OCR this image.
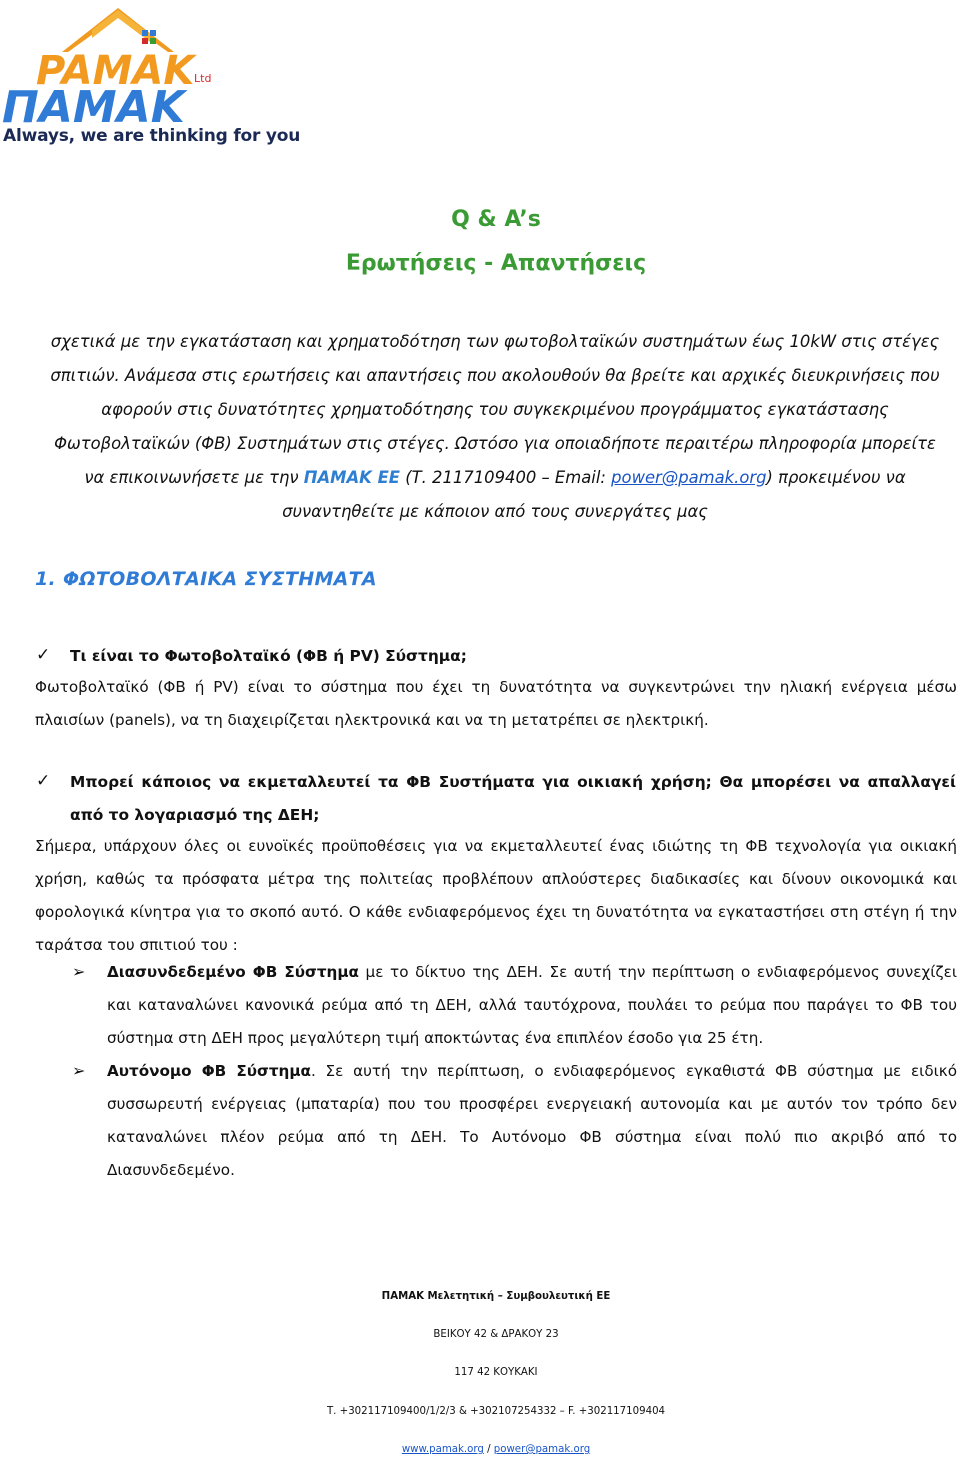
PAMAK Ltd
ΠΑΜΑΚ
Always, we are thinking for you
Q & A’s
Ερωτήσεις - Απαντήσεις

σχετικά με την εγκατάσταση και χρηματοδότηση των φωτοβολταϊκών συστημάτων έως 10kW στις στέγες

σπιτιών. Ανάμεσα στις ερωτήσεις και απαντήσεις που ακολουθούν θα βρείτε και αρχικές διευκρινήσεις που

αφορούν στις δυνατότητες χρηματοδότησης του συγκεκριμένου προγράμματος εγκατάστασης

Φωτοβολταϊκών (ΦΒ) Συστημάτων στις στέγες. Ωστόσο για οποιαδήποτε περαιτέρω πληροφορία μπορείτε

να επικοινωνήσετε με την ΠΑΜΑΚ ΕΕ (Τ. 2117109400 – Email: power@pamak.org) προκειμένου να

συναντηθείτε με κάποιον από τους συνεργάτες μας

1. ΦΩΤΟΒΟΛΤΑΙΚΑ ΣΥΣΤΗΜΑΤΑ
✓ Τι είναι το Φωτοβολταϊκό (ΦΒ ή PV) Σύστημα;
Φωτοβολταϊκό (ΦΒ ή PV) είναι το σύστημα που έχει τη δυνατότητα να συγκεντρώνει την ηλιακή ενέργεια μέσω
πλαισίων (panels), να τη διαχειρίζεται ηλεκτρονικά και να τη μετατρέπει σε ηλεκτρική.
✓ Μπορεί κάποιος να εκμεταλλευτεί τα ΦΒ Συστήματα για οικιακή χρήση; Θα μπορέσει να απαλλαγεί
από το λογαριασμό της ΔΕΗ;
Σήμερα, υπάρχουν όλες οι ευνοϊκές προϋποθέσεις για να εκμεταλλευτεί ένας ιδιώτης τη ΦΒ τεχνολογία για οικιακή
χρήση, καθώς τα πρόσφατα μέτρα της πολιτείας προβλέπουν απλούστερες διαδικασίες και δίνουν οικονομικά και
φορολογικά κίνητρα για το σκοπό αυτό. Ο κάθε ενδιαφερόμενος έχει τη δυνατότητα να εγκαταστήσει στη στέγη ή την
ταράτσα του σπιτιού του :
➢ Διασυνδεδεμένο ΦΒ Σύστημα με το δίκτυο της ΔΕΗ. Σε αυτή την περίπτωση ο ενδιαφερόμενος συνεχίζει
και καταναλώνει κανονικά ρεύμα από τη ΔΕΗ, αλλά ταυτόχρονα, πουλάει το ρεύμα που παράγει το ΦΒ του
σύστημα στη ΔΕΗ προς μεγαλύτερη τιμή αποκτώντας ένα επιπλέον έσοδο για 25 έτη.
➢ Αυτόνομο ΦΒ Σύστημα. Σε αυτή την περίπτωση, ο ενδιαφερόμενος εγκαθιστά ΦΒ σύστημα με ειδικό
συσσωρευτή ενέργειας (μπαταρία) που του προσφέρει ενεργειακή αυτονομία και με αυτόν τον τρόπο δεν
καταναλώνει πλέον ρεύμα από τη ΔΕΗ. Το Αυτόνομο ΦΒ σύστημα είναι πολύ πιο ακριβό από το
Διασυνδεδεμένο.
ΠΑΜΑΚ Μελετητική – Συμβουλευτική ΕΕ
ΒΕΙΚΟΥ 42 & ΔΡΑΚΟΥ 23
117 42 ΚΟΥΚΑΚΙ
Τ. +302117109400/1/2/3 & +302107254332 – F. +302117109404
www.pamak.org / power@pamak.org
